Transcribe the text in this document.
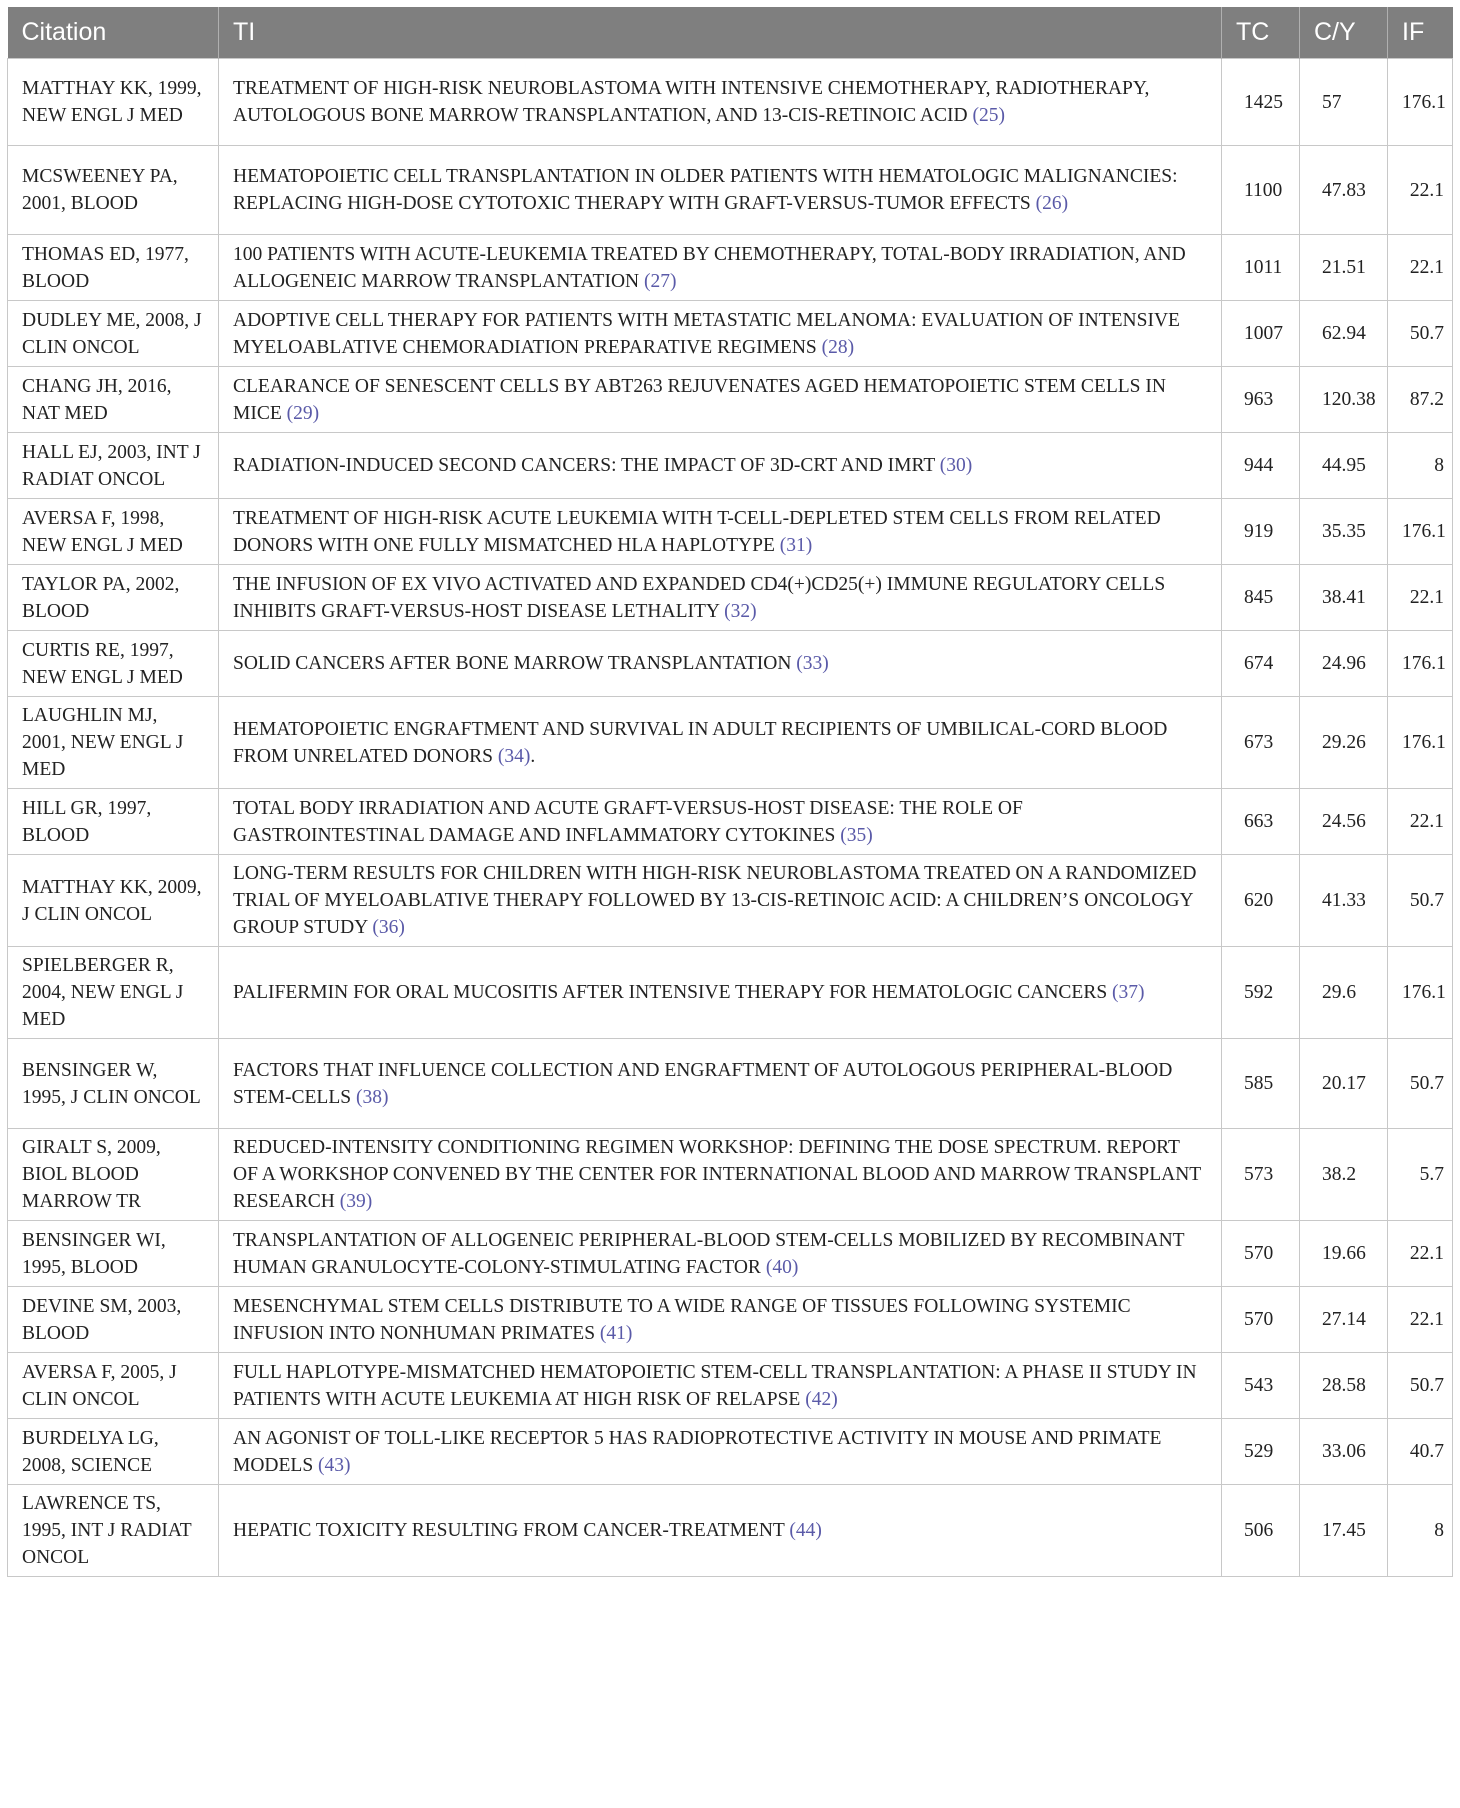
Citation	TI	TC	C/Y	IF
MATTHAY KK, 1999, NEW ENGL J MED	TREATMENT OF HIGH-RISK NEUROBLASTOMA WITH INTENSIVE CHEMOTHERAPY, RADIOTHERAPY, AUTOLOGOUS BONE MARROW TRANSPLANTATION, AND 13-CIS-RETINOIC ACID (25)	1425	57	176.1
MCSWEENEY PA, 2001, BLOOD	HEMATOPOIETIC CELL TRANSPLANTATION IN OLDER PATIENTS WITH HEMATOLOGIC MALIGNANCIES: REPLACING HIGH-DOSE CYTOTOXIC THERAPY WITH GRAFT-VERSUS-TUMOR EFFECTS (26)	1100	47.83	22.1
THOMAS ED, 1977, BLOOD	100 PATIENTS WITH ACUTE-LEUKEMIA TREATED BY CHEMOTHERAPY, TOTAL-BODY IRRADIATION, AND ALLOGENEIC MARROW TRANSPLANTATION (27)	1011	21.51	22.1
DUDLEY ME, 2008, J CLIN ONCOL	ADOPTIVE CELL THERAPY FOR PATIENTS WITH METASTATIC MELANOMA: EVALUATION OF INTENSIVE MYELOABLATIVE CHEMORADIATION PREPARATIVE REGIMENS (28)	1007	62.94	50.7
CHANG JH, 2016, NAT MED	CLEARANCE OF SENESCENT CELLS BY ABT263 REJUVENATES AGED HEMATOPOIETIC STEM CELLS IN MICE (29)	963	120.38	87.2
HALL EJ, 2003, INT J RADIAT ONCOL	RADIATION-INDUCED SECOND CANCERS: THE IMPACT OF 3D-CRT AND IMRT (30)	944	44.95	8
AVERSA F, 1998, NEW ENGL J MED	TREATMENT OF HIGH-RISK ACUTE LEUKEMIA WITH T-CELL-DEPLETED STEM CELLS FROM RELATED DONORS WITH ONE FULLY MISMATCHED HLA HAPLOTYPE (31)	919	35.35	176.1
TAYLOR PA, 2002, BLOOD	THE INFUSION OF EX VIVO ACTIVATED AND EXPANDED CD4(+)CD25(+) IMMUNE REGULATORY CELLS INHIBITS GRAFT-VERSUS-HOST DISEASE LETHALITY (32)	845	38.41	22.1
CURTIS RE, 1997, NEW ENGL J MED	SOLID CANCERS AFTER BONE MARROW TRANSPLANTATION (33)	674	24.96	176.1
LAUGHLIN MJ, 2001, NEW ENGL J MED	HEMATOPOIETIC ENGRAFTMENT AND SURVIVAL IN ADULT RECIPIENTS OF UMBILICAL-CORD BLOOD FROM UNRELATED DONORS (34).	673	29.26	176.1
HILL GR, 1997, BLOOD	TOTAL BODY IRRADIATION AND ACUTE GRAFT-VERSUS-HOST DISEASE: THE ROLE OF GASTROINTESTINAL DAMAGE AND INFLAMMATORY CYTOKINES (35)	663	24.56	22.1
MATTHAY KK, 2009, J CLIN ONCOL	LONG-TERM RESULTS FOR CHILDREN WITH HIGH-RISK NEUROBLASTOMA TREATED ON A RANDOMIZED TRIAL OF MYELOABLATIVE THERAPY FOLLOWED BY 13-CIS-RETINOIC ACID: A CHILDREN’S ONCOLOGY GROUP STUDY (36)	620	41.33	50.7
SPIELBERGER R, 2004, NEW ENGL J MED	PALIFERMIN FOR ORAL MUCOSITIS AFTER INTENSIVE THERAPY FOR HEMATOLOGIC CANCERS (37)	592	29.6	176.1
BENSINGER W, 1995, J CLIN ONCOL	FACTORS THAT INFLUENCE COLLECTION AND ENGRAFTMENT OF AUTOLOGOUS PERIPHERAL-BLOOD STEM-CELLS (38)	585	20.17	50.7
GIRALT S, 2009, BIOL BLOOD MARROW TR	REDUCED-INTENSITY CONDITIONING REGIMEN WORKSHOP: DEFINING THE DOSE SPECTRUM. REPORT OF A WORKSHOP CONVENED BY THE CENTER FOR INTERNATIONAL BLOOD AND MARROW TRANSPLANT RESEARCH (39)	573	38.2	5.7
BENSINGER WI, 1995, BLOOD	TRANSPLANTATION OF ALLOGENEIC PERIPHERAL-BLOOD STEM-CELLS MOBILIZED BY RECOMBINANT HUMAN GRANULOCYTE-COLONY-STIMULATING FACTOR (40)	570	19.66	22.1
DEVINE SM, 2003, BLOOD	MESENCHYMAL STEM CELLS DISTRIBUTE TO A WIDE RANGE OF TISSUES FOLLOWING SYSTEMIC INFUSION INTO NONHUMAN PRIMATES (41)	570	27.14	22.1
AVERSA F, 2005, J CLIN ONCOL	FULL HAPLOTYPE-MISMATCHED HEMATOPOIETIC STEM-CELL TRANSPLANTATION: A PHASE II STUDY IN PATIENTS WITH ACUTE LEUKEMIA AT HIGH RISK OF RELAPSE (42)	543	28.58	50.7
BURDELYA LG, 2008, SCIENCE	AN AGONIST OF TOLL-LIKE RECEPTOR 5 HAS RADIOPROTECTIVE ACTIVITY IN MOUSE AND PRIMATE MODELS (43)	529	33.06	40.7
LAWRENCE TS, 1995, INT J RADIAT ONCOL	HEPATIC TOXICITY RESULTING FROM CANCER-TREATMENT (44)	506	17.45	8
